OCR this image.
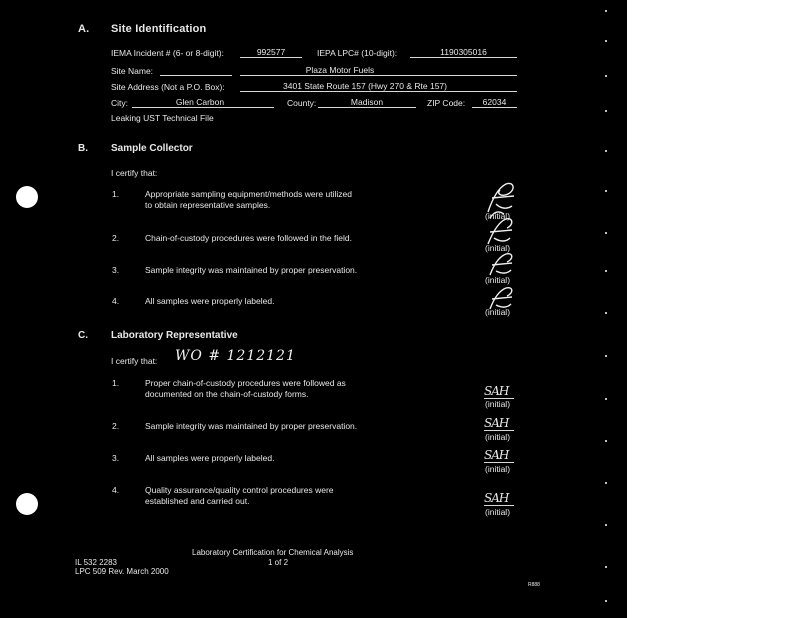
A. Site Identification
IEMA Incident # (6- or 8-digit):	992577	IEPA LPC# (10-digit):	1190305016
Site Name:	Plaza Motor Fuels
Site Address (Not a P.O. Box):	3401 State Route 157 (Hwy 270 & Rte 157)
City:	Glen Carbon	County:	Madison	ZIP Code:	62034
Leaking UST Technical File
B. Sample Collector
I certify that:
1.	Appropriate sampling equipment/methods were utilized
to obtain representative samples.
(initial)
2.	Chain-of-custody procedures were followed in the field.
(initial)
3.	Sample integrity was maintained by proper preservation.
(initial)
4.	All samples were properly labeled.
(initial)
C. Laboratory Representative
I certify that: WO # 1212121
1.	Proper chain-of-custody procedures were followed as
documented on the chain-of-custody forms.	SAH
(initial)
2.	Sample integrity was maintained by proper preservation.	SAH
(initial)
3.	All samples were properly labeled.	SAH
(initial)
4.	Quality assurance/quality control procedures were
established and carried out.	SAH
(initial)
Laboratory Certification for Chemical Analysis
1 of 2
IL 532 2283
LPC 509 Rev. March 2000
R888
